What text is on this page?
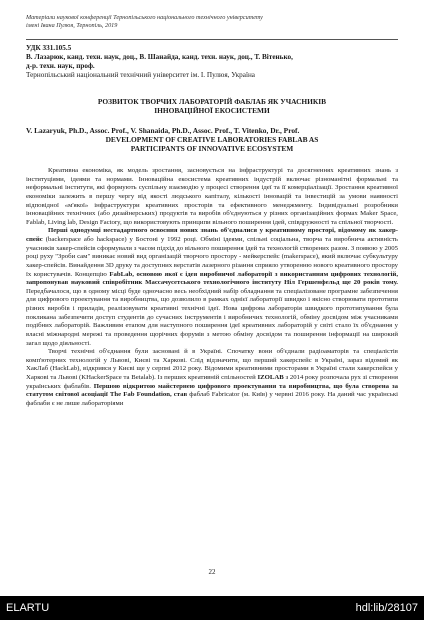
Матеріали наукової конференції Тернопільського національного технічного університету
імені Івана Пулюя, Тернопіль, 2019
УДК 331.105.5
В. Лазарюк, канд. техн. наук, доц., В. Шанайда, канд. техн. наук, доц., Т. Вітенько,
д-р. техн. наук, проф.
Тернопільський національний технічний університет ім. І. Пулюя, Україна
РОЗВИТОК ТВОРЧИХ ЛАБОРАТОРІЙ ФАБЛАБ ЯК УЧАСНИКІВ
ІННОВАЦІЙНОЇ ЕКОСИСТЕМИ
V. Lazaryuk, Ph.D., Assoc. Prof., V. Shanaida, Ph.D., Assoc. Prof., T. Vitenko, Dr., Prof.
DEVELOPMENT OF CREATIVE LABORATORIES FABLAB AS
PARTICIPANTS OF INNOVATIVE ECOSYSTEM

Креативна економіка, як модель зростання, засновується на інфраструктурі та досягненнях креативних знань з інституціями, ідеями та нормами. Інноваційна екосистема креативних індустрій включає різноманітні формальні та неформальні інститути, які формують суспільну взаємодію у процесі створення ідеї та її комерціалізації. Зростання креативної економіки залежить в першу чергу від якості людського капіталу, кількості інновацій та інвестицій за умови наявності відповідної «м'якої» інфраструктури креативних просторів та ефективного менеджменту. Індивідуальні розробники інноваційних технічних (або дизайнерських) продуктів та виробів об'єднуються у різних організаційних формах Maker Space, Fablab, Living lab, Design Factory, що використовують принципи вільного поширення ідей, співдружності та спільної творчості.

Перші однодумці нестадартного освоєння нових знань об'єдналися у креативному просторі, відомому як хакер-спейс (backerspace або hackspace) у Бостоні у 1992 році. Обміні ідеями, спільні соціальна, творча та виробнича активність учасників хакер-спейсів сформували з часом підхід до вільного поширення ідей та технологій створених разом. З появою у 2005 році руху "Зроби сам" виникає новий вид організацій творчого простору - мейкерспейс (makerspace), який включає субкультуру хакер-спейсів. Винайдення 3D друку та доступних верстатів лазерного різання сприяло утворенню нового креативного простору їх користувачів. Концепцію FabLab, основою якої є ідея виробничої лабораторії з використанням цифрових технологій, запропонував науковий співробітник Массачусетського технологічного інституту Ніл Гершенфельд ще 20 років тому. Передбачалося, що в одному місці буде одночасно весь необхідний набір обладнання та спеціалізоване програмне забезпечення для цифрового проектування та виробництва, що дозволило в рамках однієї лабораторії швидко і якісно створювати прототипи різних виробів і приладів, реалізовувати креативні технічні ідеї. Нова цифрова лабораторія швидкого прототипування була покликана забезпечити доступ студентів до сучасних інструментів і виробничих технологій, обміну досвідом між учасниками подібних лабораторій. Важливим етапом для наступного поширення ідеї креативних лабораторій у світі стало їх об'єднання у власні міжнародні мережі та проведення щорічних форумів з метою обміну досвідом та поширення інформації на широкий загал щодо діяльності.

Творчі технічні об'єднання були засновані й в Україні. Спочатку вони об'єднали радіоаматорів та спеціалістів комп'ютерних технологій у Львові, Києві та Харкові. Слід відзначити, що перший хакерспейс в Україні, зараз відомий як ХакЛаб (HackLab), відкрився у Києві ще у серпні 2012 року. Відомими креативними просторами в Україні стали хакерспейси у Харкові та Львові (KHackerSpace та Betalab). Із перших креативній спільностей IZOLAB з 2014 року розпочала рух зі створення українських фаблабів. Першою відкритою майстернею цифрового проектування та виробництва, що була створена за статутом світової асоціації The Fab Foundation, став фаблаб Fabricator (м. Київ) у червні 2016 року. На даний час українські фаблаби є не лише лабораторіями

22
ELARTU	hdl:lib/28107
